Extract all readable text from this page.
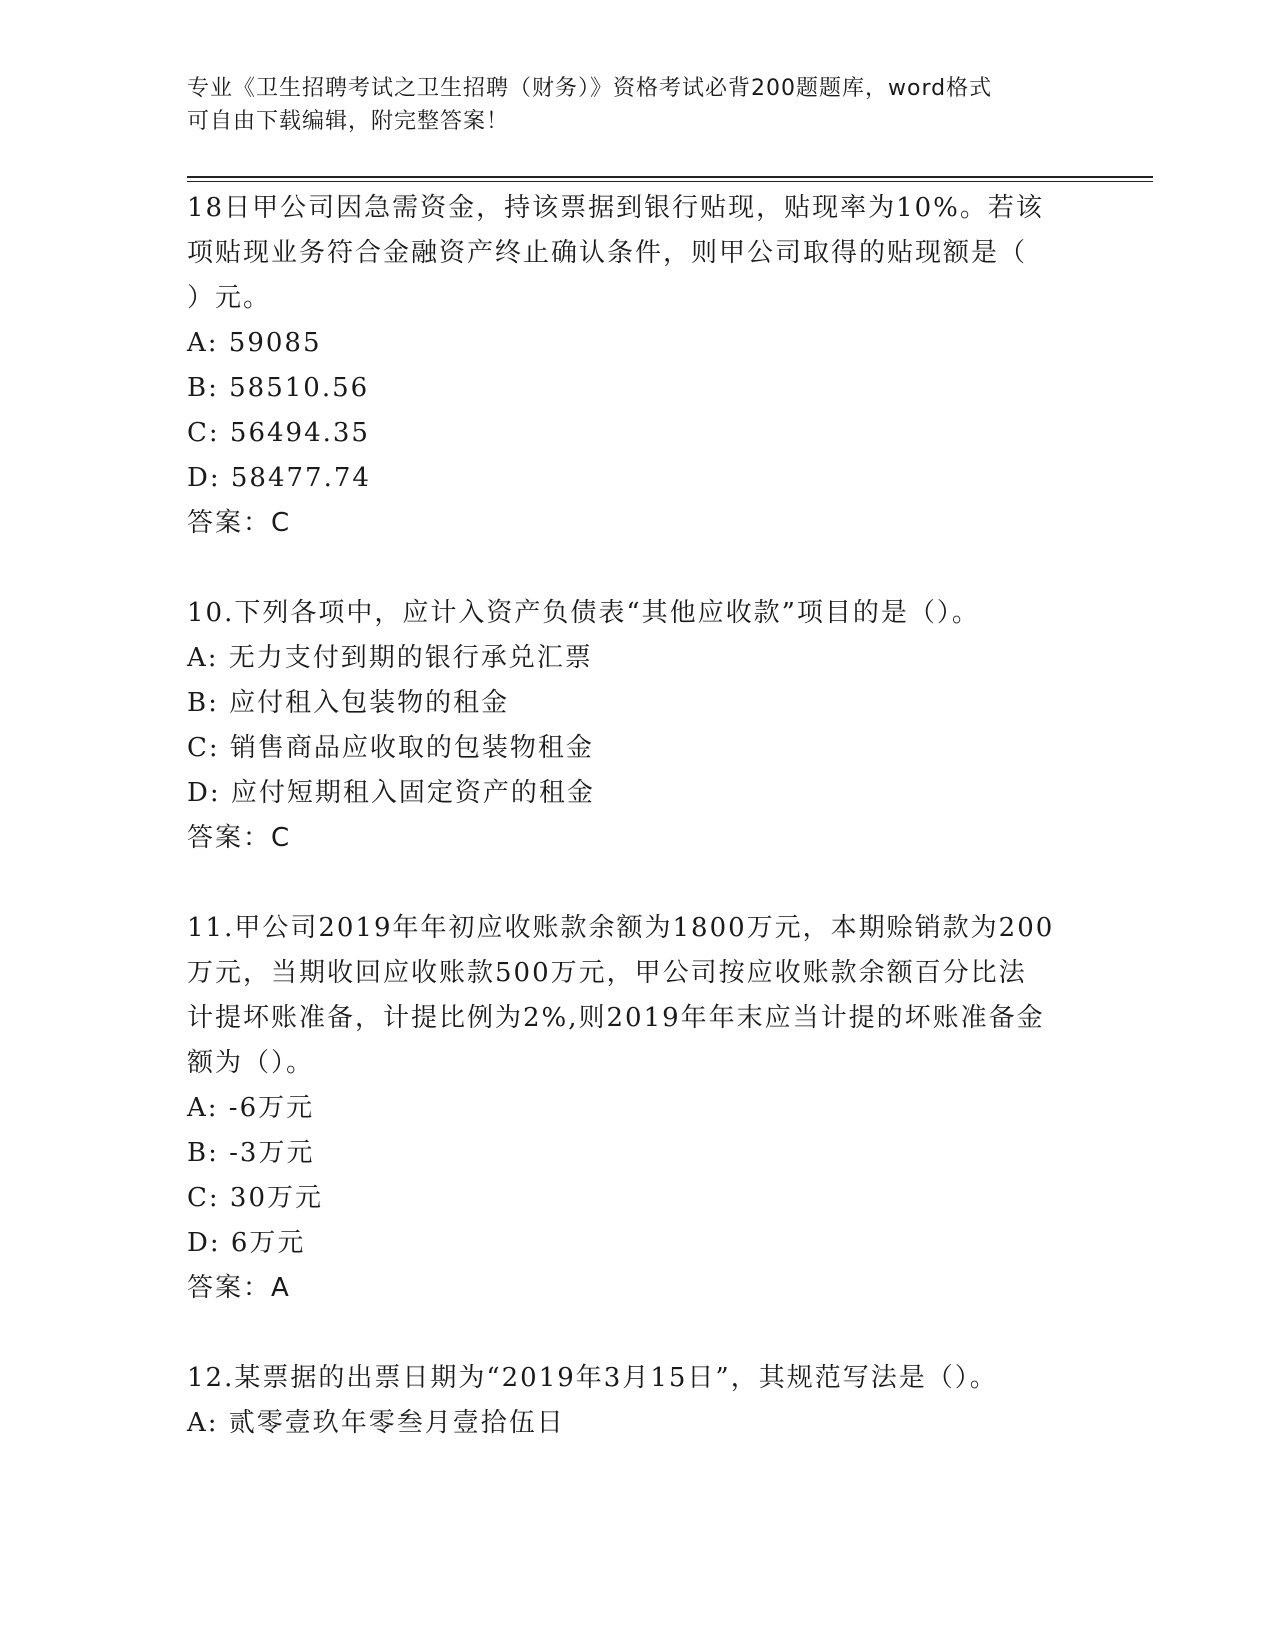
专业《卫生招聘考试之卫生招聘（财务）》资格考试必背200题题库，word格式
可自由下载编辑，附完整答案！

18日甲公司因急需资金，持该票据到银行贴现，贴现率为10%。若该

项贴现业务符合金融资产终止确认条件，则甲公司取得的贴现额是（

）元。

A: 59085

B: 58510.56

C: 56494.35

D: 58477.74

答案：C

10.下列各项中，应计入资产负债表“其他应收款”项目的是（）。

A: 无力支付到期的银行承兑汇票

B: 应付租入包装物的租金

C: 销售商品应收取的包装物租金

D: 应付短期租入固定资产的租金

答案：C

11.甲公司2019年年初应收账款余额为1800万元，本期赊销款为200

万元，当期收回应收账款500万元，甲公司按应收账款余额百分比法

计提坏账准备，计提比例为2%,则2019年年末应当计提的坏账准备金

额为（）。

A: -6万元

B: -3万元

C: 30万元

D: 6万元

答案：A

12.某票据的出票日期为“2019年3月15日”，其规范写法是（）。

A: 贰零壹玖年零叁月壹拾伍日
